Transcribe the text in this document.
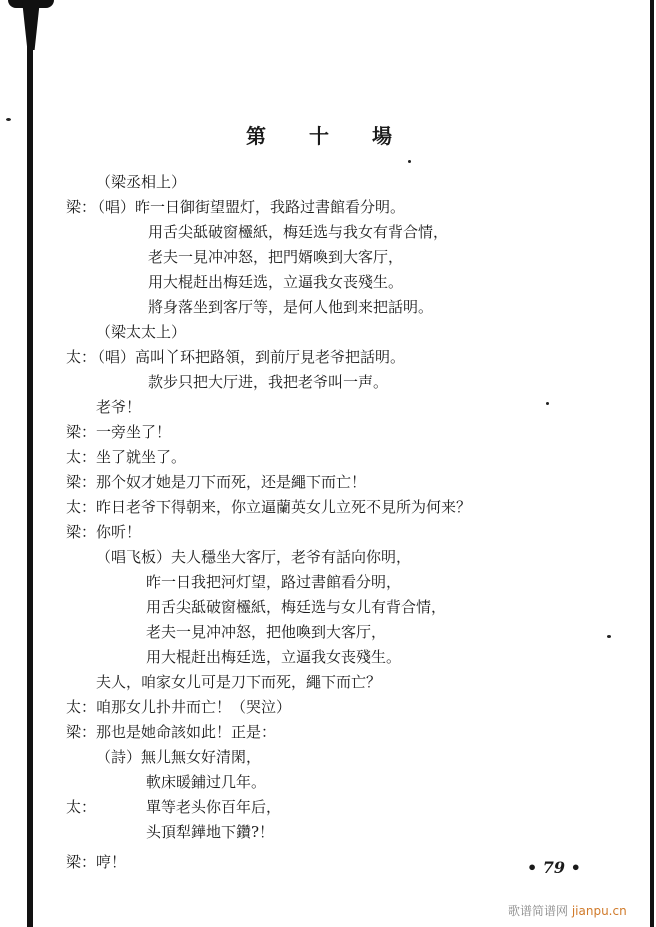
第 十 場
（梁丞相上）
梁：
（唱）昨一日御街望盟灯，我路过書館看分明。
用舌尖䑛破窗欞紙，梅廷选与我女有背合情，
老夫一見冲冲怒，把門婿喚到大客厅，
用大棍赶出梅廷选，立逼我女丧殘生。
將身落坐到客厅等，是何人他到来把話明。
（梁太太上）
太：
（唱）高叫丫环把路領，到前厅見老爷把話明。
款步只把大厅进，我把老爷叫一声。
老爷！
梁： 一旁坐了！
太： 坐了就坐了。
梁： 那个奴才她是刀下而死，还是繩下而亡！
太： 昨日老爷下得朝来，你立逼蘭英女儿立死不見所为何来？
梁： 你听！
（唱飞板）夫人穩坐大客厅，老爷有話向你明，
昨一日我把河灯望，路过書館看分明，
用舌尖䑛破窗欞紙，梅廷选与女儿有背合情，
老夫一見冲冲怒，把他喚到大客厅，
用大棍赶出梅廷选，立逼我女丧殘生。
夫人，咱家女儿可是刀下而死，繩下而亡？
太： 咱那女儿扑井而亡！（哭泣）
梁： 那也是她命該如此！正是：
（詩）無儿無女好清閑，
軟床暖鋪过几年。
太：	單等老头你百年后，
头頂犁鏵地下鑽?！
梁： 哼！	• 79 •
歌谱简谱网 jianpu.cn
